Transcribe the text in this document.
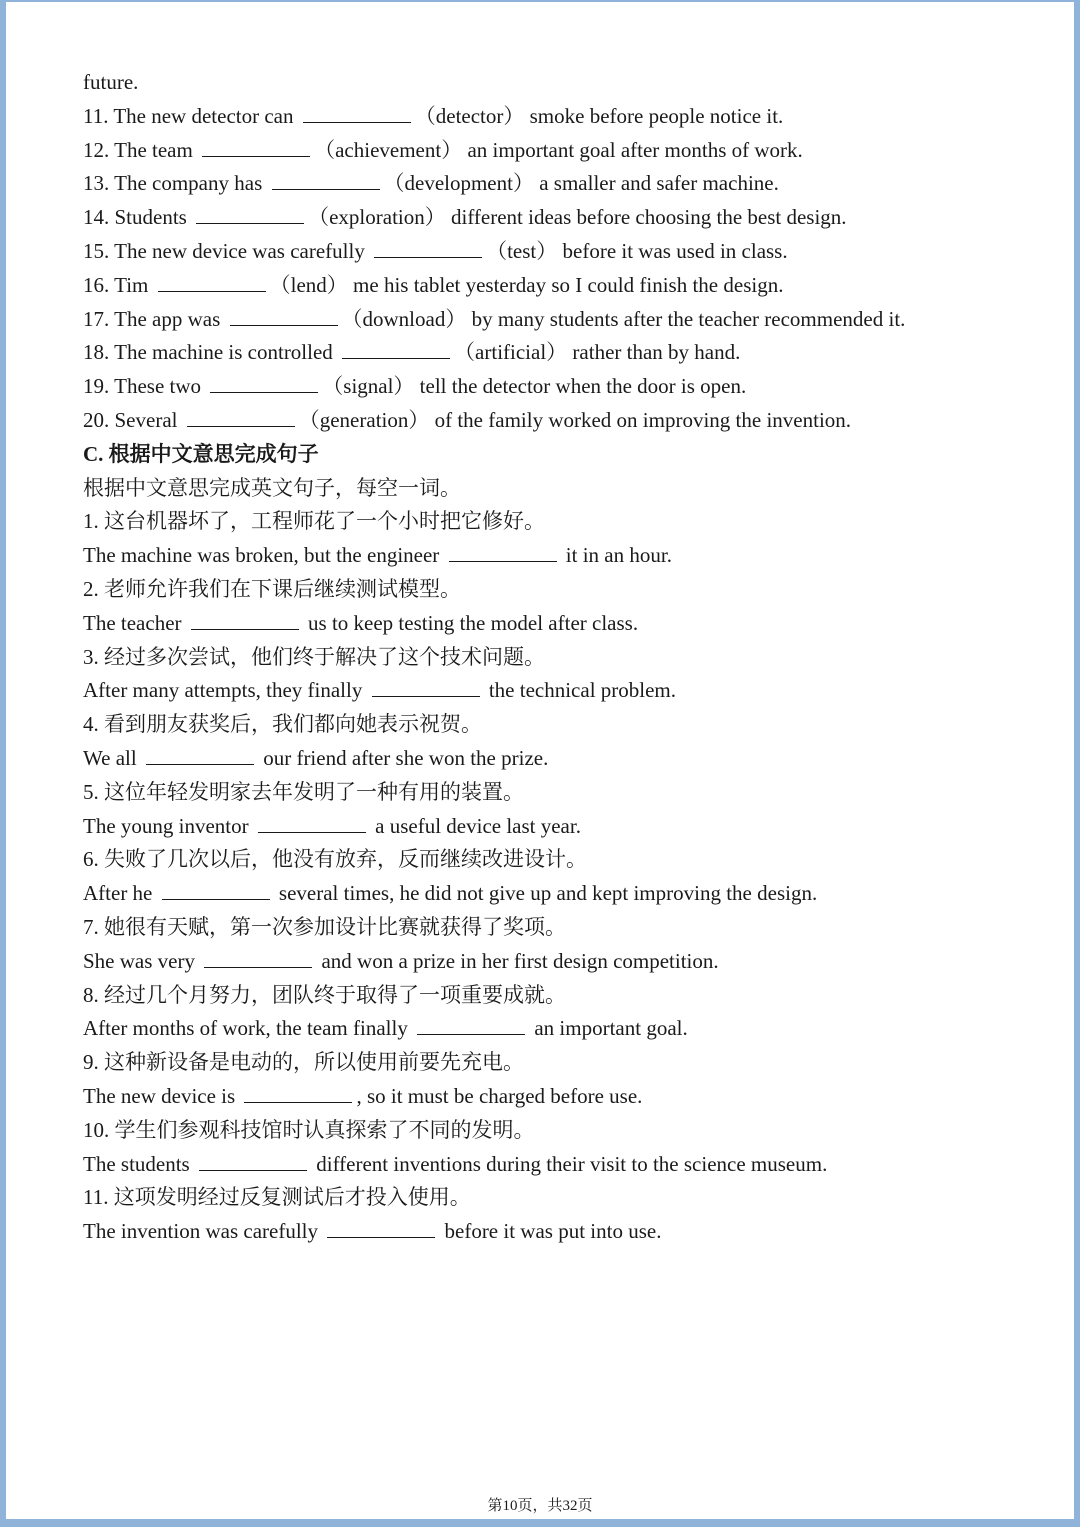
future.
11. The new detector can	（detector） smoke before people notice it.
12. The team	（achievement） an important goal after months of work.
13. The company has	（development） a smaller and safer machine.
14. Students	（exploration） different ideas before choosing the best design.
15. The new device was carefully	（test） before it was used in class.
16. Tim	（lend） me his tablet yesterday so I could finish the design.
17. The app was	（download） by many students after the teacher recommended it.
18. The machine is controlled	（artificial） rather than by hand.
19. These two	（signal） tell the detector when the door is open.
20. Several	（generation） of the family worked on improving the invention.
C. 根据中文意思完成句子
根据中文意思完成英文句子，每空一词。
1. 这台机器坏了，工程师花了一个小时把它修好。
The machine was broken, but the engineer	it in an hour.
2. 老师允许我们在下课后继续测试模型。
The teacher	us to keep testing the model after class.
3. 经过多次尝试，他们终于解决了这个技术问题。
After many attempts, they finally	the technical problem.
4. 看到朋友获奖后，我们都向她表示祝贺。
We all	our friend after she won the prize.
5. 这位年轻发明家去年发明了一种有用的装置。
The young inventor	a useful device last year.
6. 失败了几次以后，他没有放弃，反而继续改进设计。
After he	several times, he did not give up and kept improving the design.
7. 她很有天赋，第一次参加设计比赛就获得了奖项。
She was very	and won a prize in her first design competition.
8. 经过几个月努力，团队终于取得了一项重要成就。
After months of work, the team finally	an important goal.
9. 这种新设备是电动的，所以使用前要先充电。
The new device is	, so it must be charged before use.
10. 学生们参观科技馆时认真探索了不同的发明。
The students	different inventions during their visit to the science museum.
11. 这项发明经过反复测试后才投入使用。
The invention was carefully	before it was put into use.
第10页，共32页
